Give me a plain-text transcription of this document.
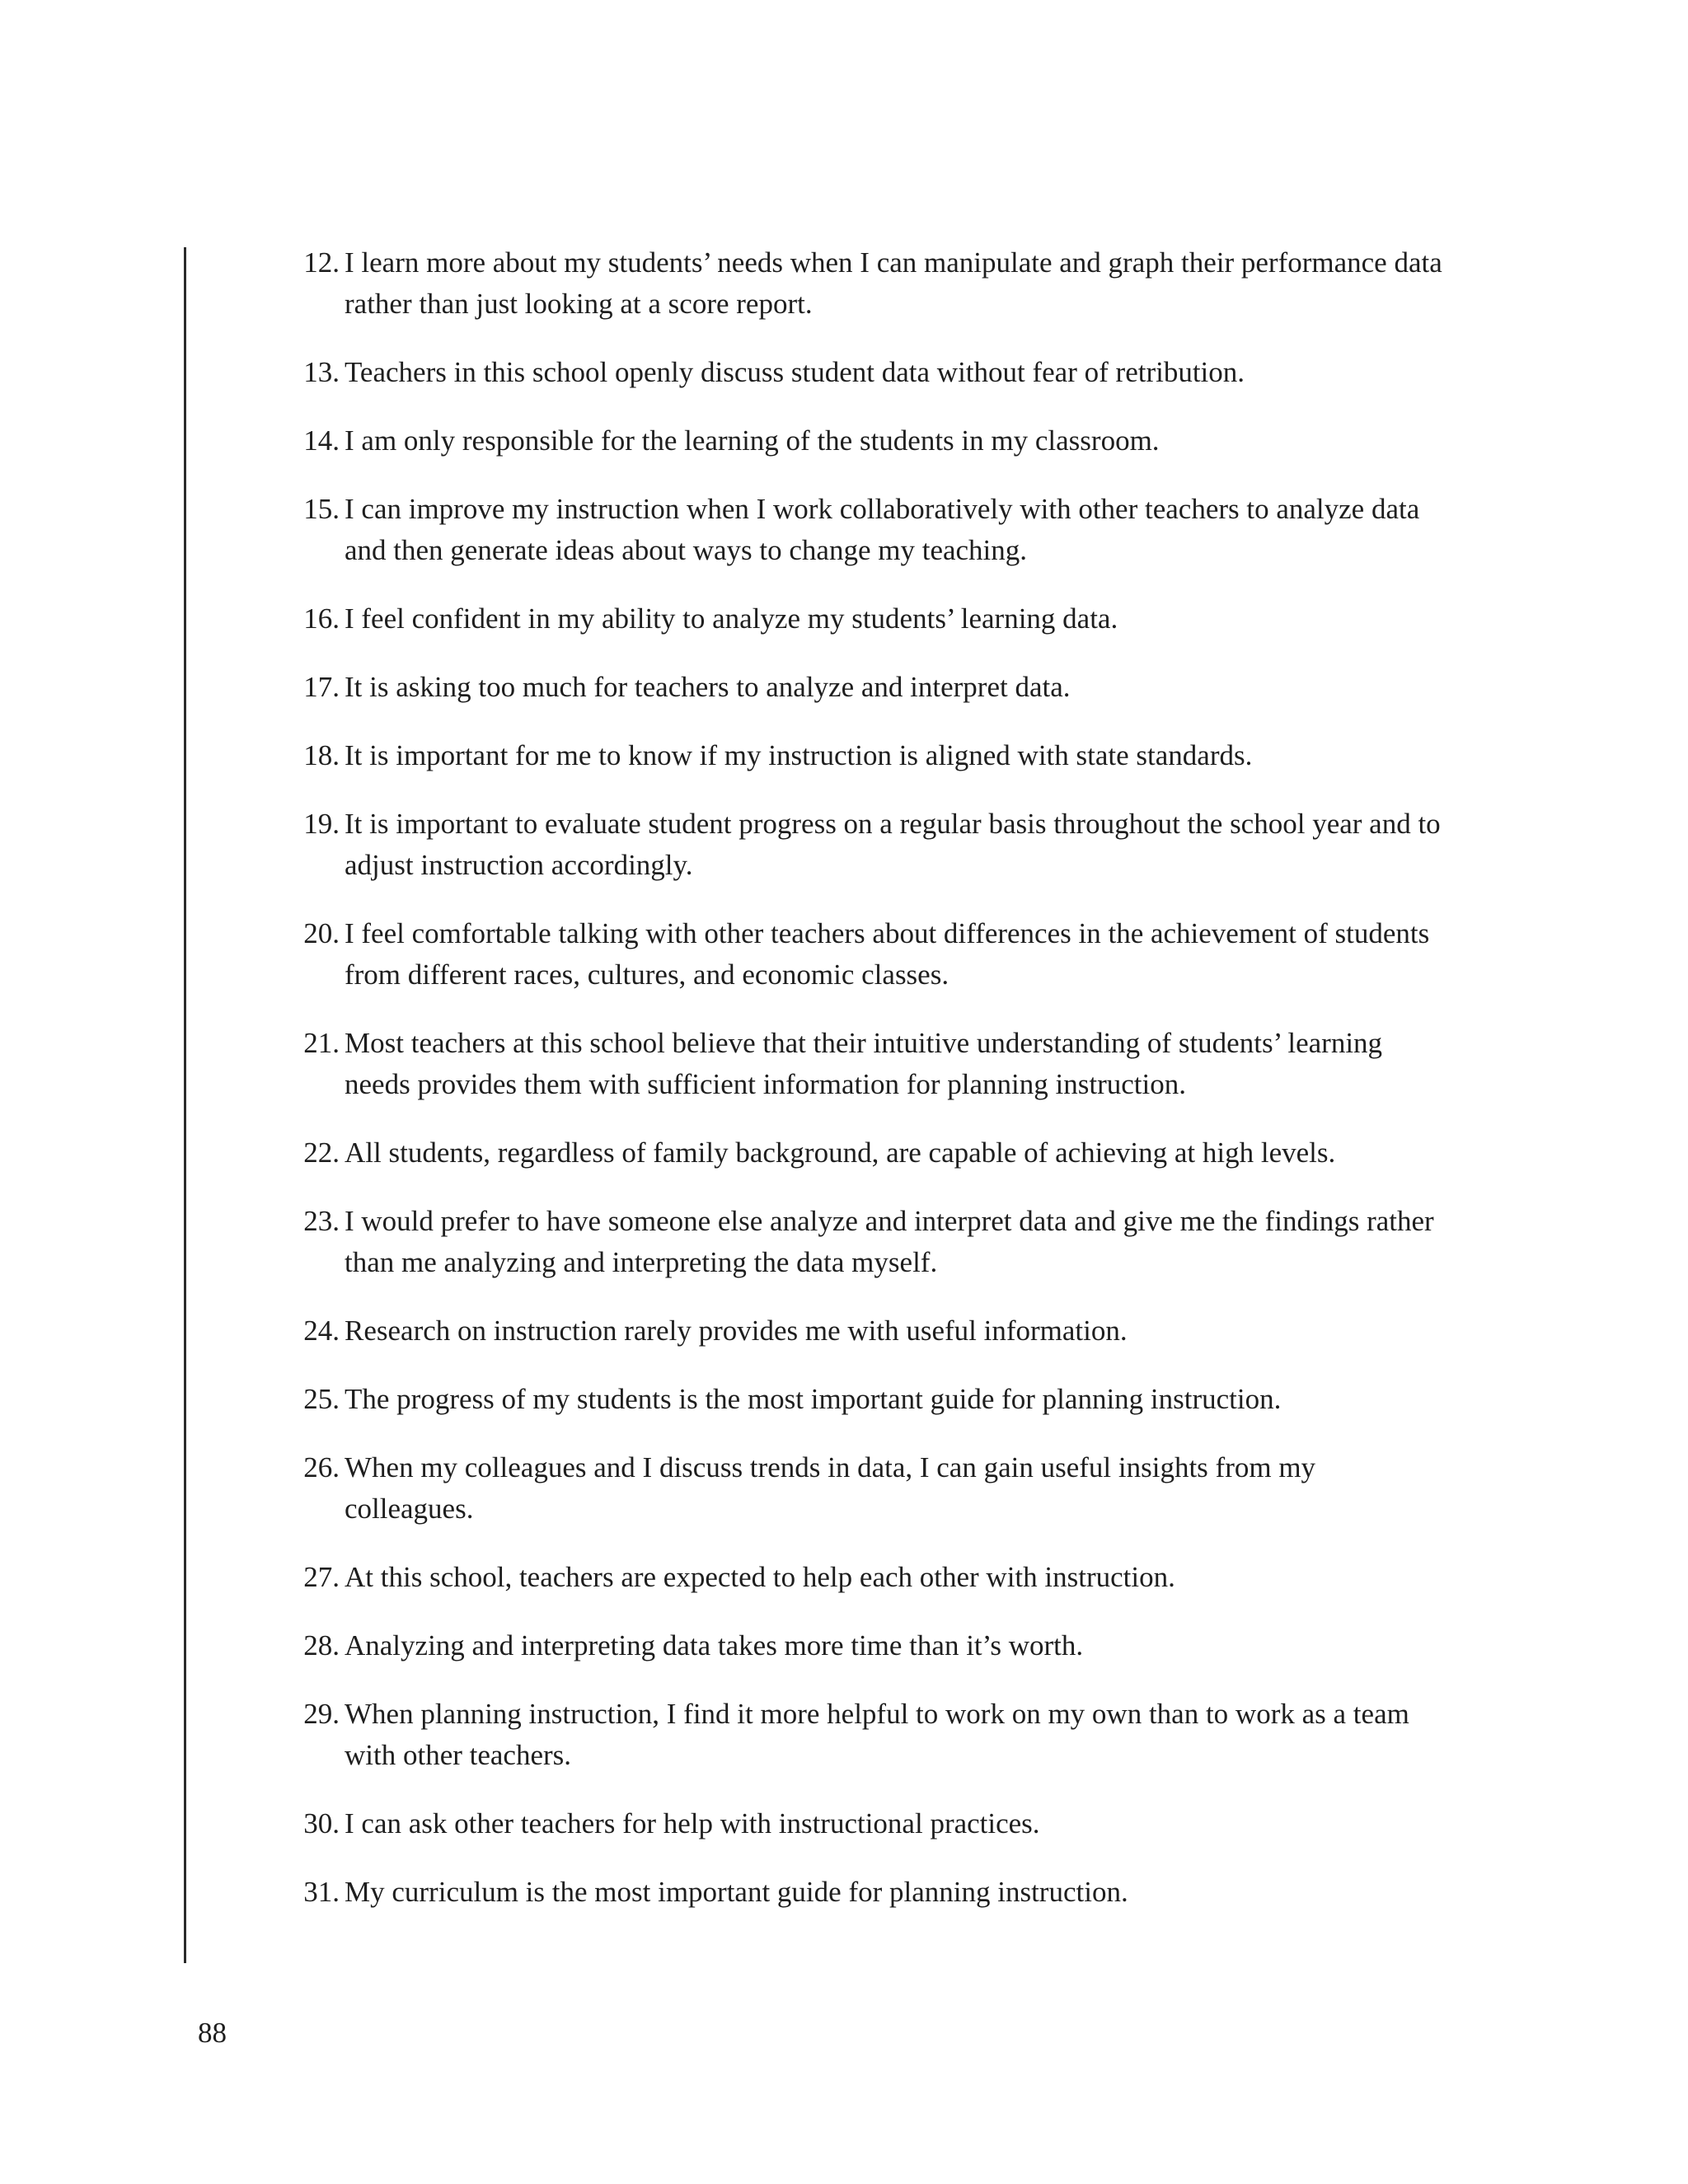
12. I learn more about my students’ needs when I can manipulate and graph their performance data rather than just looking at a score report.
13. Teachers in this school openly discuss student data without fear of retribution.
14. I am only responsible for the learning of the students in my classroom.
15. I can improve my instruction when I work collaboratively with other teachers to analyze data and then generate ideas about ways to change my teaching.
16. I feel confident in my ability to analyze my students’ learning data.
17. It is asking too much for teachers to analyze and interpret data.
18. It is important for me to know if my instruction is aligned with state standards.
19. It is important to evaluate student progress on a regular basis throughout the school year and to adjust instruction accordingly.
20. I feel comfortable talking with other teachers about differences in the achievement of students from different races, cultures, and economic classes.
21. Most teachers at this school believe that their intuitive understanding of students’ learning needs provides them with sufficient information for planning instruction.
22. All students, regardless of family background, are capable of achieving at high levels.
23. I would prefer to have someone else analyze and interpret data and give me the findings rather than me analyzing and interpreting the data myself.
24. Research on instruction rarely provides me with useful information.
25. The progress of my students is the most important guide for planning instruction.
26. When my colleagues and I discuss trends in data, I can gain useful insights from my colleagues.
27. At this school, teachers are expected to help each other with instruction.
28. Analyzing and interpreting data takes more time than it’s worth.
29. When planning instruction, I find it more helpful to work on my own than to work as a team with other teachers.
30. I can ask other teachers for help with instructional practices.
31. My curriculum is the most important guide for planning instruction.
88
